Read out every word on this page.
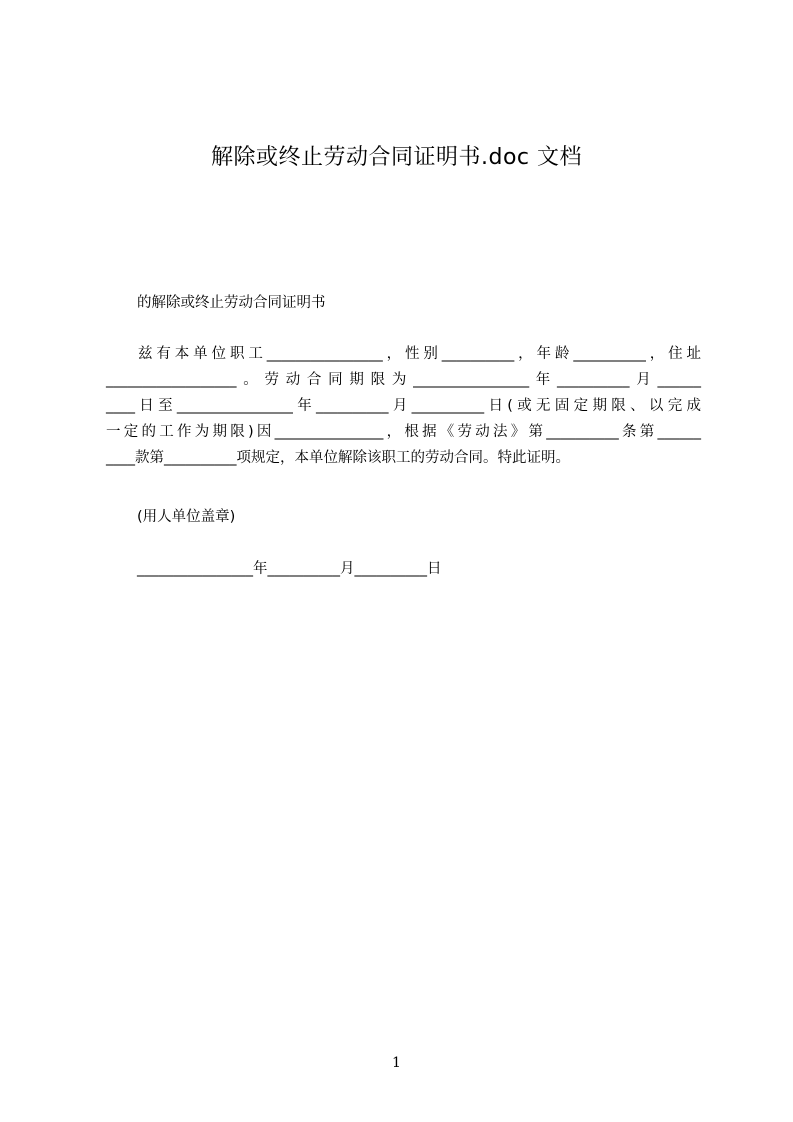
解除或终止劳动合同证明书.doc 文档
的解除或终止劳动合同证明书
兹有本单位职工________________，性别__________，年龄__________，住址
__________________。劳动合同期限为________________年__________月______
____日至________________年__________月__________日(或无固定期限、以完成
一定的工作为期限)因_______________，根据《劳动法》第__________条第______
____款第__________项规定，本单位解除该职工的劳动合同。特此证明。
(用人单位盖章)
________________年__________月__________日
1
